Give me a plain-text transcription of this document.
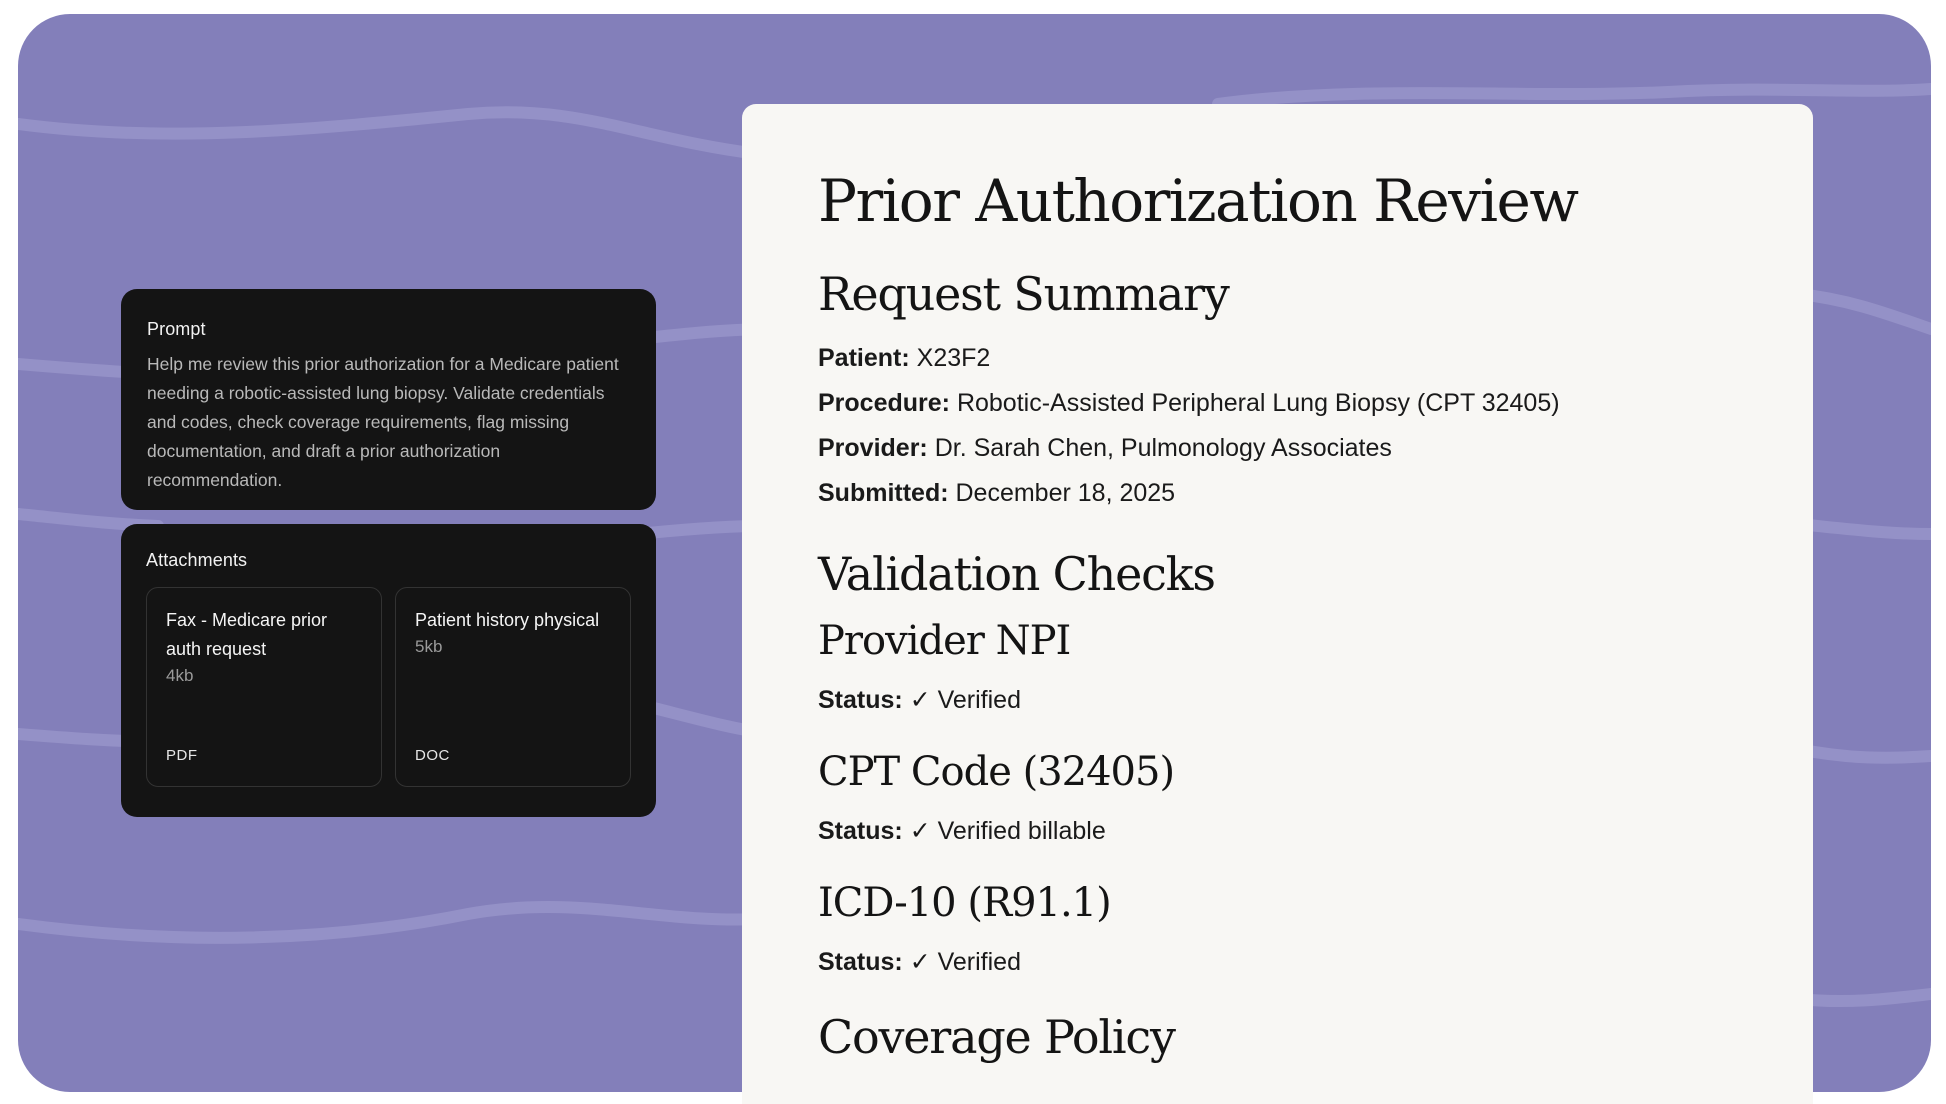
Prompt

Help me review this prior authorization for a Medicare patient needing a robotic-assisted lung biopsy. Validate credentials and codes, check coverage requirements, flag missing documentation, and draft a prior authorization recommendation.

Attachments

Fax - Medicare prior auth request
4kb
PDF
Patient history physical
5kb
DOC
Prior Authorization Review
Request Summary

Patient: X23F2

Procedure: Robotic-Assisted Peripheral Lung Biopsy (CPT 32405)

Provider: Dr. Sarah Chen, Pulmonology Associates

Submitted: December 18, 2025

Validation Checks
Provider NPI

Status: ✓ Verified

CPT Code (32405)

Status: ✓ Verified billable

ICD-10 (R91.1)

Status: ✓ Verified

Coverage Policy
